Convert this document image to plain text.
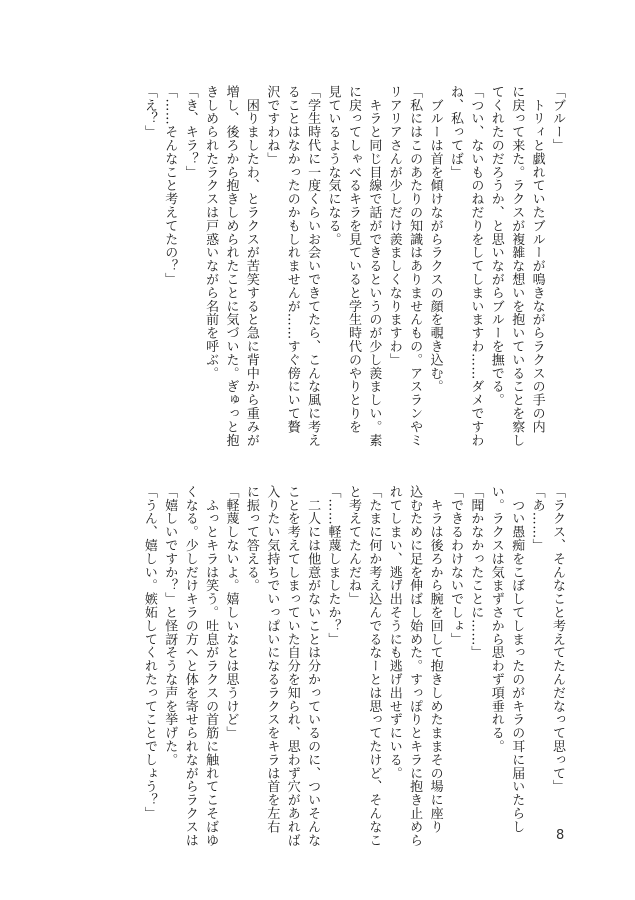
「ブルー」

　トリィと戯れていたブルーが鳴きながらラクスの手の内

に戻って来た。ラクスが複雑な想いを抱いていることを察し

てくれたのだろうか、と思いながらブルーを撫でる。

「つい、ないものねだりをしてしまいますわ……ダメですわ

ね、私ってば」

　ブルーは首を傾けながらラクスの顔を覗き込む。

「私にはこのあたりの知識はありませんもの。アスランやミ

リアリアさんが少しだけ羨ましくなりますわ」

　キラと同じ目線で話ができるというのが少し羨ましい。素

に戻ってしゃべるキラを見ていると学生時代のやりとりを

見ているような気になる。

「学生時代に一度くらいお会いできてたら、こんな風に考え

ることはなかったのかもしれませんが……すぐ傍にいて贅

沢ですわね」

　困りましたわ、とラクスが苦笑すると急に背中から重みが

増し、後ろから抱きしめられたことに気づいた。ぎゅっと抱

きしめられたラクスは戸惑いながら名前を呼ぶ。

「き、キラ？」

「……そんなこと考えてたの？」

「え？」

「ラクス、そんなこと考えてたんだなって思って」

「あ……」

　つい愚痴をこぼしてしまったのがキラの耳に届いたらし

い。ラクスは気まずさから思わず項垂れる。

「聞かなかったことに……」

「できるわけないでしょ」

　キラは後ろから腕を回して抱きしめたままその場に座り

込むために足を伸ばし始めた。すっぽりとキラに抱き止めら

れてしまい、逃げ出そうにも逃げ出せずにいる。

「たまに何か考え込んでるなーとは思ってたけど、そんなこ

と考えてたんだね」

「……軽蔑しましたか？」

　二人には他意がないことは分かっているのに、ついそんな

ことを考えてしまっていた自分を知られ、思わず穴があれば

入りたい気持ちでいっぱいになるラクスをキラは首を左右

に振って答える。

「軽蔑しないよ。嬉しいなとは思うけど」

　ふっとキラは笑う。吐息がラクスの首筋に触れてこそばゆ

くなる。少しだけキラの方へと体を寄せられながらラクスは

「嬉しいですか？」と怪訝そうな声を挙げた。

「うん、嬉しい。嫉妬してくれたってことでしょう？」

8
